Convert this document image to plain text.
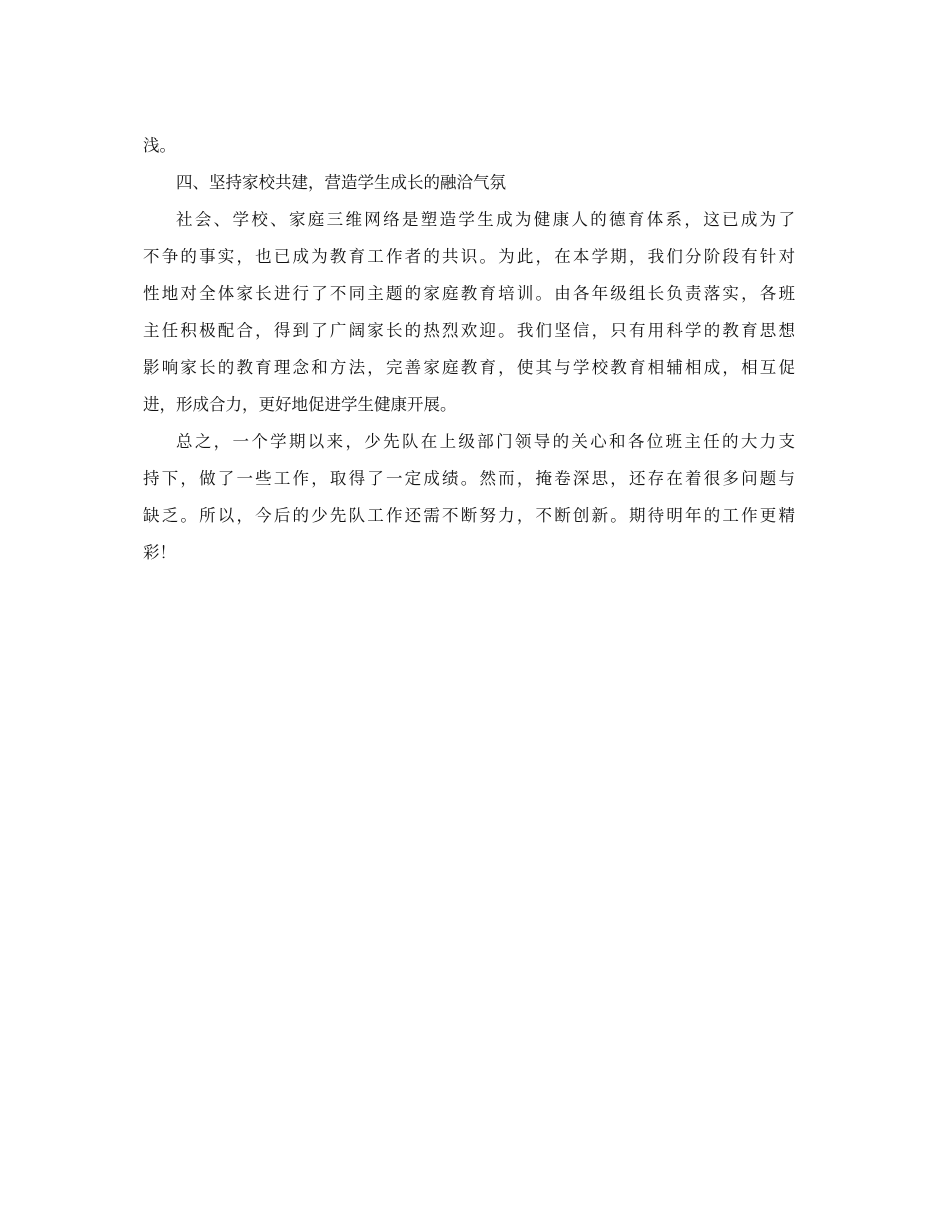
浅。
四、坚持家校共建，营造学生成长的融洽气氛
社会、学校、家庭三维网络是塑造学生成为健康人的德育体系，这已成为了
不争的事实，也已成为教育工作者的共识。为此，在本学期，我们分阶段有针对
性地对全体家长进行了不同主题的家庭教育培训。由各年级组长负责落实，各班
主任积极配合，得到了广阔家长的热烈欢迎。我们坚信，只有用科学的教育思想
影响家长的教育理念和方法，完善家庭教育，使其与学校教育相辅相成，相互促
进，形成合力，更好地促进学生健康开展。
总之，一个学期以来，少先队在上级部门领导的关心和各位班主任的大力支
持下，做了一些工作，取得了一定成绩。然而，掩卷深思，还存在着很多问题与
缺乏。所以，今后的少先队工作还需不断努力，不断创新。期待明年的工作更精
彩！
